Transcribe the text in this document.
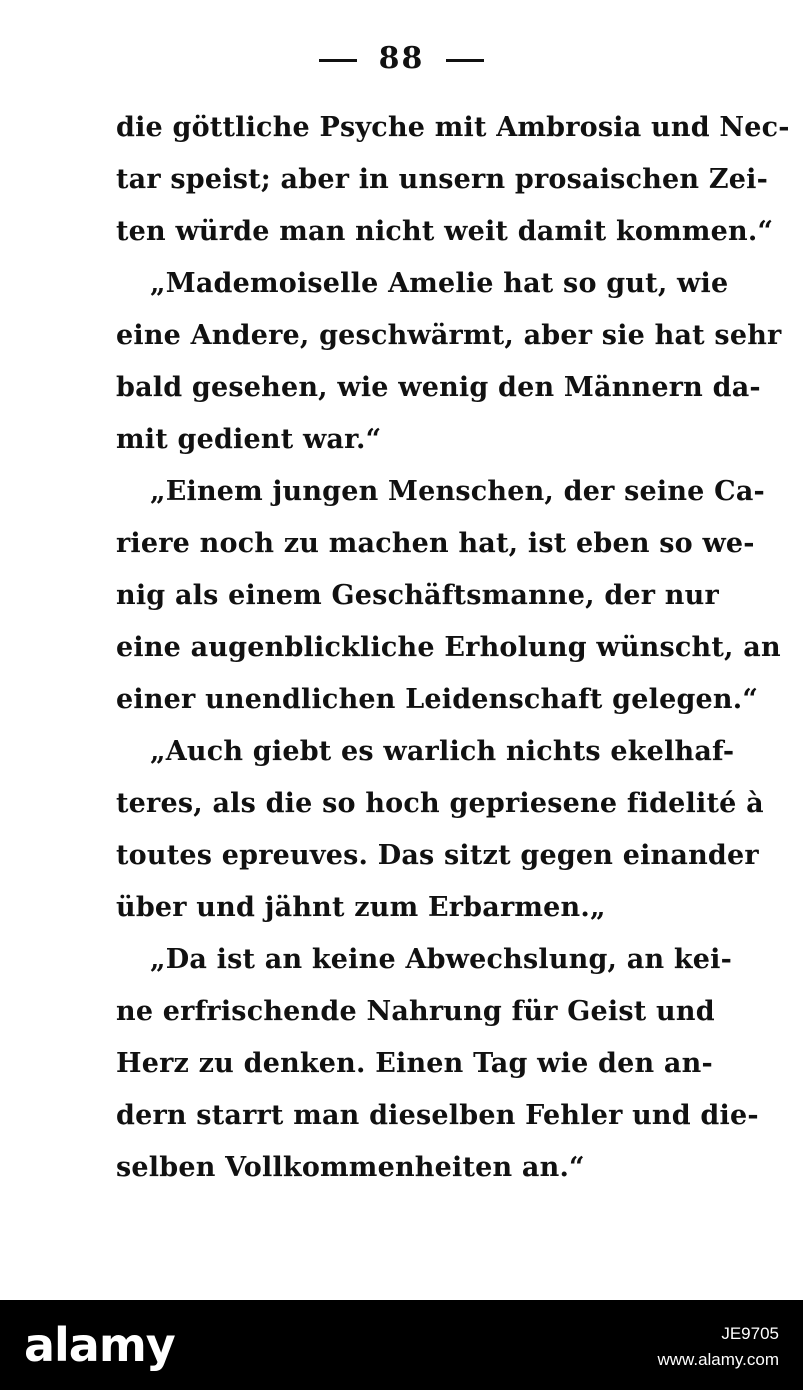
88
die göttliche Psyche mit Ambrosia und Nec-
tar speist; aber in unsern prosaischen Zei-
ten würde man nicht weit damit kommen.“
„Mademoiselle Amelie hat so gut, wie
eine Andere, geschwärmt, aber sie hat sehr
bald gesehen, wie wenig den Männern da-
mit gedient war.“
„Einem jungen Menschen, der seine Ca-
riere noch zu machen hat, ist eben so we-
nig als einem Geschäftsmanne, der nur
eine augenblickliche Erholung wünscht, an
einer unendlichen Leidenschaft gelegen.“
„Auch giebt es warlich nichts ekelhaf-
teres, als die so hoch gepriesene fidelité à
toutes epreuves. Das sitzt gegen einander
über und jähnt zum Erbarmen.„
„Da ist an keine Abwechslung, an kei-
ne erfrischende Nahrung für Geist und
Herz zu denken. Einen Tag wie den an-
dern starrt man dieselben Fehler und die-
selben Vollkommenheiten an.“
alamy	JE9705
www.alamy.com
